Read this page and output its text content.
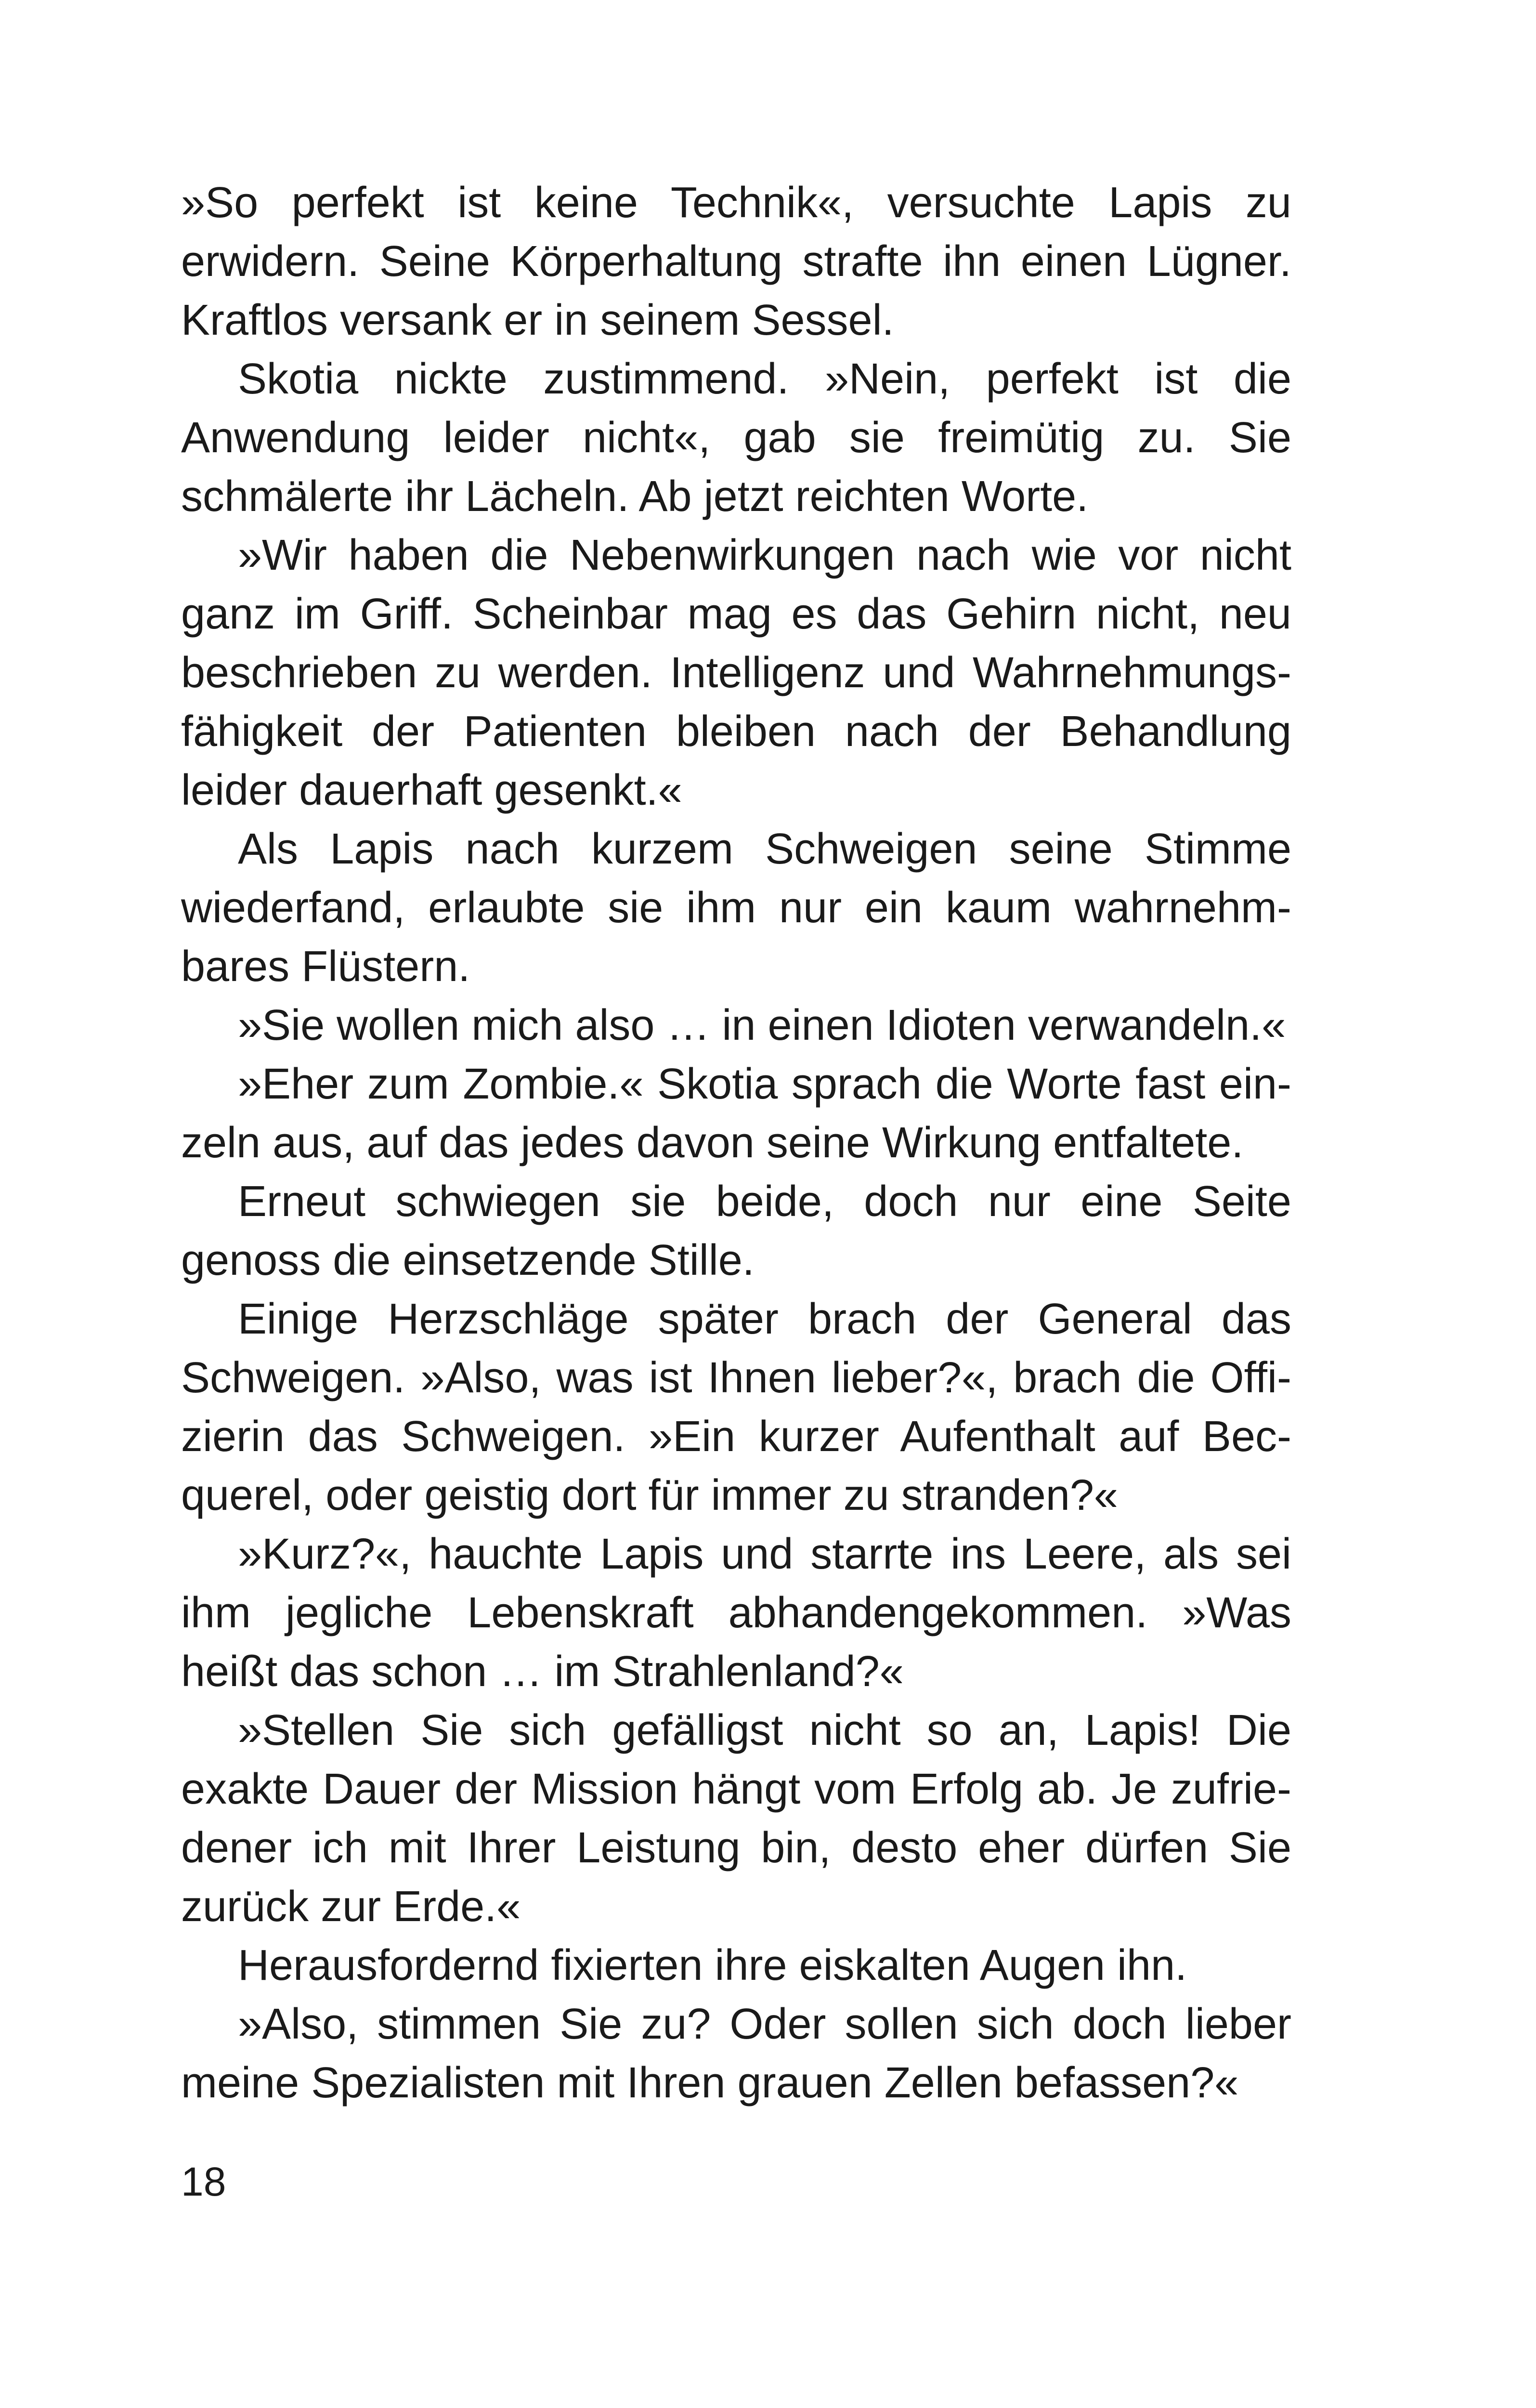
»So perfekt ist keine Technik«, versuchte Lapis zu erwidern. Seine Körperhaltung strafte ihn einen Lügner. Kraftlos versank er in seinem Sessel.

Skotia nickte zustimmend. »Nein, perfekt ist die Anwendung leider nicht«, gab sie freimütig zu. Sie schmälerte ihr Lächeln. Ab jetzt reichten Worte.

»Wir haben die Nebenwirkungen nach wie vor nicht ganz im Griff. Scheinbar mag es das Gehirn nicht, neu beschrieben zu werden. Intelligenz und Wahrnehmungsfähigkeit der Patienten bleiben nach der Behandlung leider dauerhaft gesenkt.«

Als Lapis nach kurzem Schweigen seine Stimme wiederfand, erlaubte sie ihm nur ein kaum wahrnehmbares Flüstern.

»Sie wollen mich also … in einen Idioten verwandeln.«

»Eher zum Zombie.« Skotia sprach die Worte fast einzeln aus, auf das jedes davon seine Wirkung entfaltete.

Erneut schwiegen sie beide, doch nur eine Seite genoss die einsetzende Stille.

Einige Herzschläge später brach der General das Schweigen. »Also, was ist Ihnen lieber?«, brach die Offizierin das Schweigen. »Ein kurzer Aufenthalt auf Becquerel, oder geistig dort für immer zu stranden?«

»Kurz?«, hauchte Lapis und starrte ins Leere, als sei ihm jegliche Lebenskraft abhandengekommen. »Was heißt das schon … im Strahlenland?«

»Stellen Sie sich gefälligst nicht so an, Lapis! Die exakte Dauer der Mission hängt vom Erfolg ab. Je zufriedener ich mit Ihrer Leistung bin, desto eher dürfen Sie zurück zur Erde.«

Herausfordernd fixierten ihre eiskalten Augen ihn.

»Also, stimmen Sie zu? Oder sollen sich doch lieber meine Spezialisten mit Ihren grauen Zellen befassen?«

18
